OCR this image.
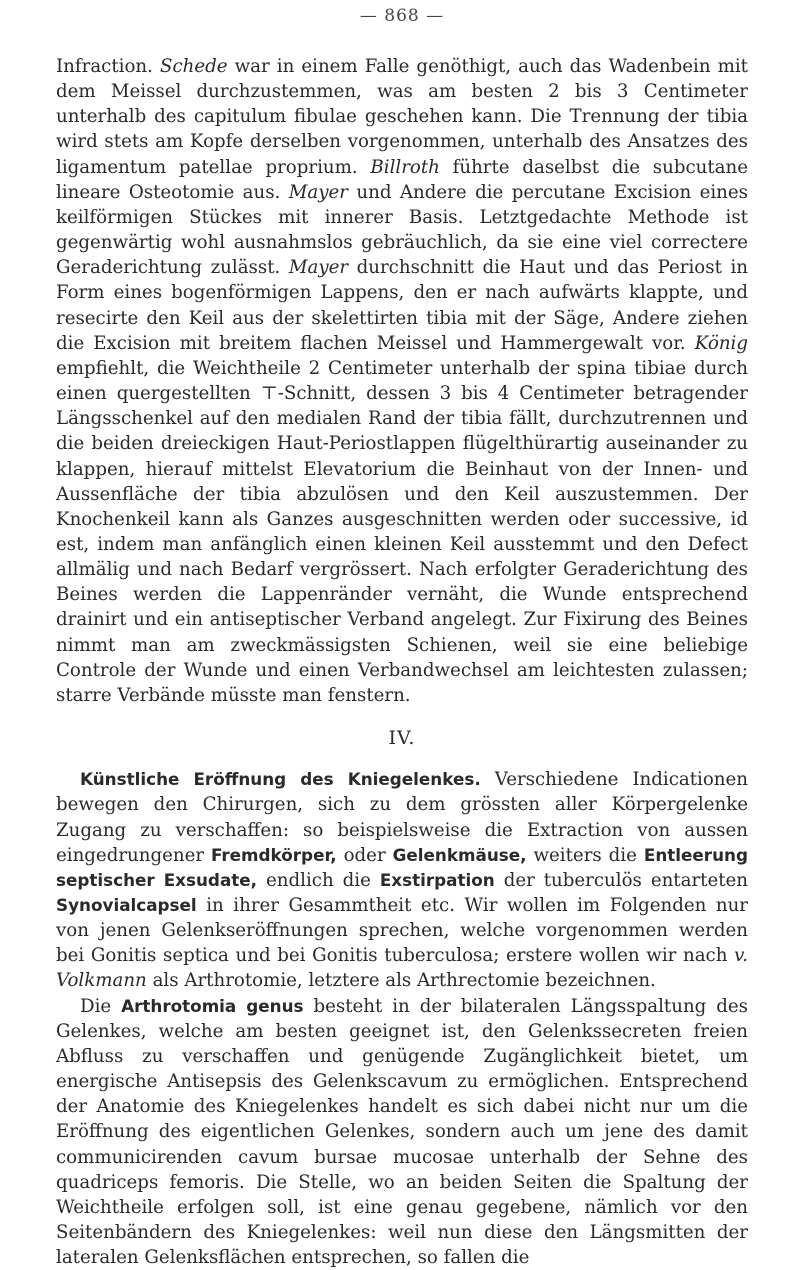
— 868 —

Infraction. Schede war in einem Falle genöthigt, auch das Wadenbein mit dem Meissel durchzustemmen, was am besten 2 bis 3 Centimeter unterhalb des capitulum fibulae geschehen kann. Die Trennung der tibia wird stets am Kopfe derselben vorgenommen, unterhalb des Ansatzes des ligamentum patellae proprium. Billroth führte daselbst die subcutane lineare Osteotomie aus. Mayer und Andere die percutane Excision eines keilförmigen Stückes mit innerer Basis. Letztgedachte Methode ist gegenwärtig wohl ausnahmslos gebräuchlich, da sie eine viel correctere Geraderichtung zulässt. Mayer durchschnitt die Haut und das Periost in Form eines bogenförmigen Lappens, den er nach aufwärts klappte, und resecirte den Keil aus der skelettirten tibia mit der Säge, Andere ziehen die Excision mit breitem flachen Meissel und Hammergewalt vor. König empfiehlt, die Weichtheile 2 Centimeter unterhalb der spina tibiae durch einen quergestellten ⊤-Schnitt, dessen 3 bis 4 Centimeter betragender Längsschenkel auf den medialen Rand der tibia fällt, durchzutrennen und die beiden dreieckigen Haut-Periostlappen flügelthürartig auseinander zu klappen, hierauf mittelst Elevatorium die Beinhaut von der Innen- und Aussenfläche der tibia abzulösen und den Keil auszustemmen. Der Knochenkeil kann als Ganzes ausgeschnitten werden oder successive, id est, indem man anfänglich einen kleinen Keil ausstemmt und den Defect allmälig und nach Bedarf vergrössert. Nach erfolgter Geraderichtung des Beines werden die Lappenränder vernäht, die Wunde entsprechend drainirt und ein antiseptischer Verband angelegt. Zur Fixirung des Beines nimmt man am zweckmässigsten Schienen, weil sie eine beliebige Controle der Wunde und einen Verbandwechsel am leichtesten zulassen; starre Verbände müsste man fenstern.

IV.

Künstliche Eröffnung des Kniegelenkes. Verschiedene Indicationen bewegen den Chirurgen, sich zu dem grössten aller Körpergelenke Zugang zu verschaffen: so beispielsweise die Extraction von aussen eingedrungener Fremdkörper, oder Gelenkmäuse, weiters die Entleerung septischer Exsudate, endlich die Exstirpation der tuberculös entarteten Synovialcapsel in ihrer Gesammtheit etc. Wir wollen im Folgenden nur von jenen Gelenkseröffnungen sprechen, welche vorgenommen werden bei Gonitis septica und bei Gonitis tuberculosa; erstere wollen wir nach v. Volkmann als Arthrotomie, letztere als Arthrectomie bezeichnen.

Die Arthrotomia genus besteht in der bilateralen Längsspaltung des Gelenkes, welche am besten geeignet ist, den Gelenkssecreten freien Abfluss zu verschaffen und genügende Zugänglichkeit bietet, um energische Antisepsis des Gelenkscavum zu ermöglichen. Entsprechend der Anatomie des Kniegelenkes handelt es sich dabei nicht nur um die Eröffnung des eigentlichen Gelenkes, sondern auch um jene des damit communicirenden cavum bursae mucosae unterhalb der Sehne des quadriceps femoris. Die Stelle, wo an beiden Seiten die Spaltung der Weichtheile erfolgen soll, ist eine genau gegebene, nämlich vor den Seitenbändern des Kniegelenkes: weil nun diese den Längsmitten der lateralen Gelenksflächen entsprechen, so fallen die
